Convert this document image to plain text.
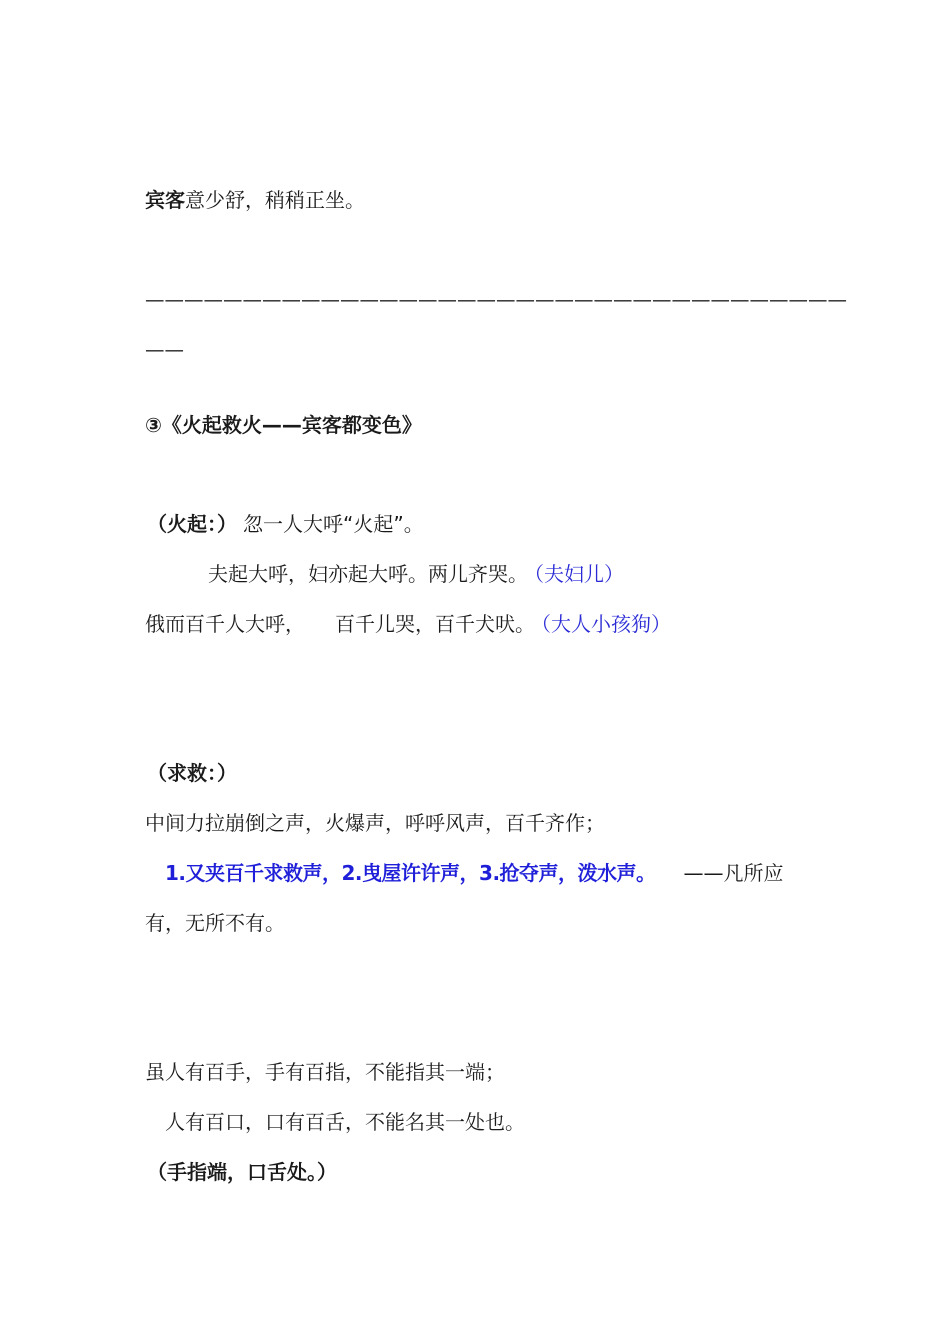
宾客意少舒，稍稍正坐。
————————————————————————————————————
——
③《火起救火——宾客都变色》
（火起：） 忽一人大呼“火起”。
夫起大呼，妇亦起大呼。两儿齐哭。 （夫妇儿）
俄而百千人大呼， 百千儿哭，百千犬吠。 （大人小孩狗）
（求救：）
中间力拉崩倒之声，火爆声，呼呼风声，百千齐作；
1.又夹百千求救声，2.曳屋许许声，3.抢夺声，泼水声。 ——凡所应
有，无所不有。
虽人有百手，手有百指，不能指其一端；
人有百口，口有百舌，不能名其一处也。
（手指端，口舌处。）
